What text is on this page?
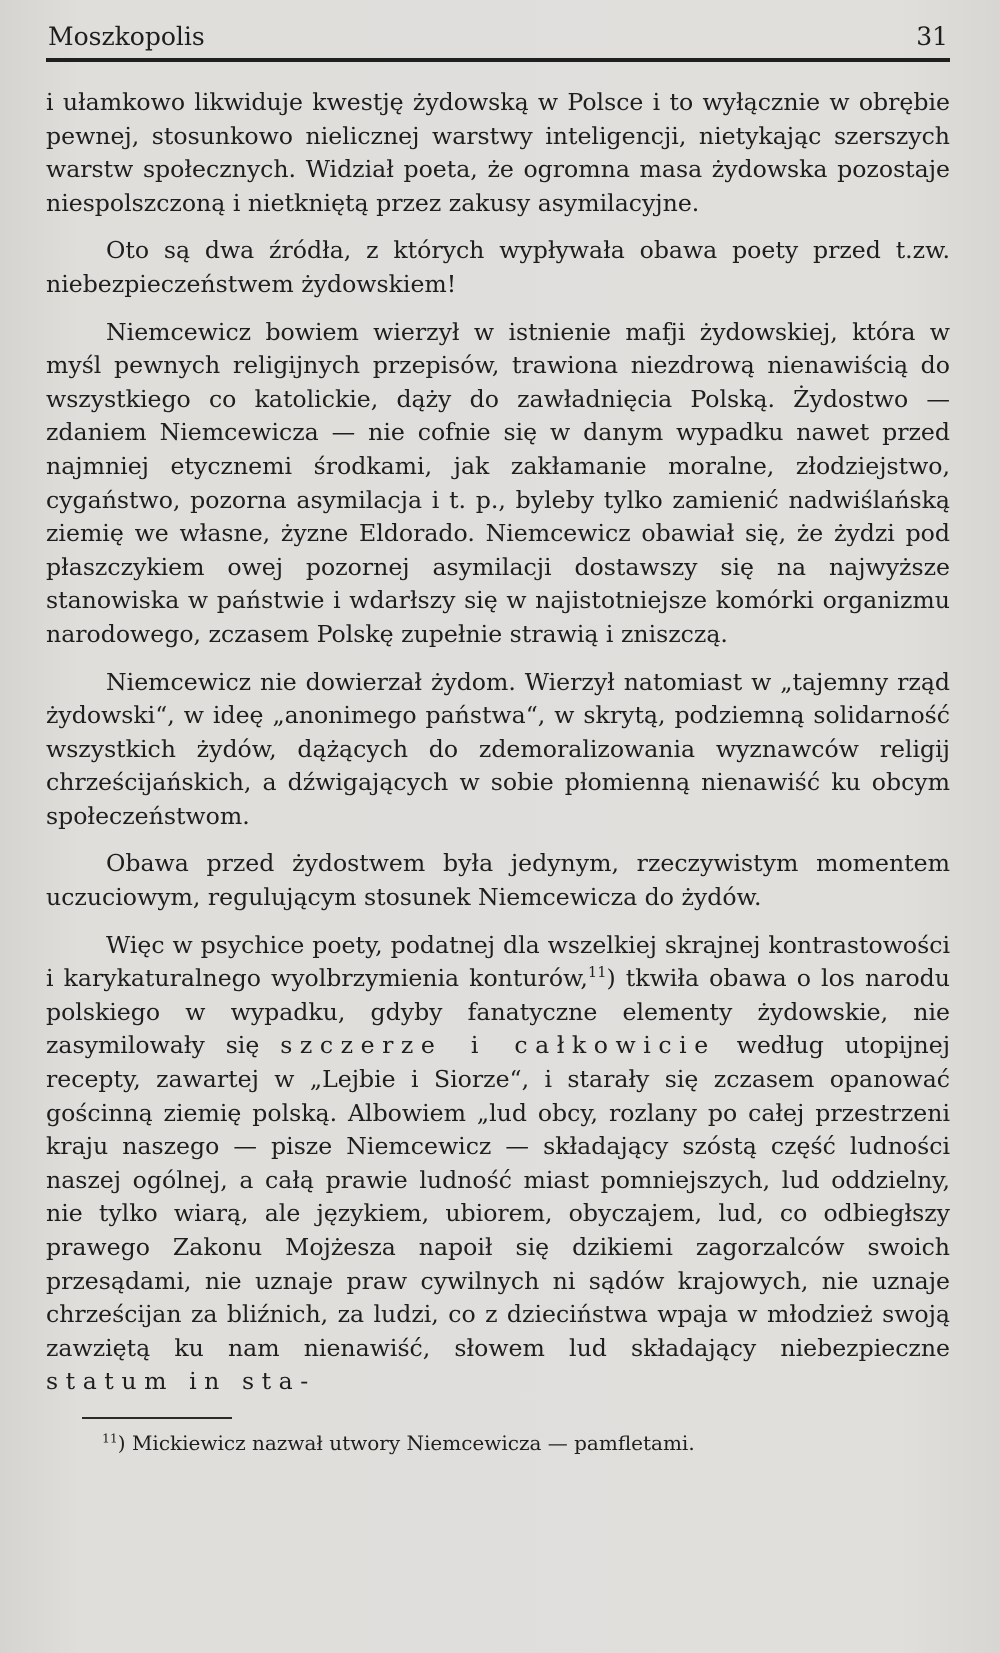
Moszkopolis	31

i ułamkowo likwiduje kwestję żydowską w Polsce i to wyłącznie w obrębie pewnej, stosunkowo nielicznej warstwy inteligencji, nietykając szerszych warstw społecznych. Widział poeta, że ogromna masa żydowska pozostaje niespolszczoną i nietkniętą przez zakusy asymilacyjne.

Oto są dwa źródła, z których wypływała obawa poety przed t.zw. niebezpieczeństwem żydowskiem!

Niemcewicz bowiem wierzył w istnienie mafji żydowskiej, która w myśl pewnych religijnych przepisów, trawiona niezdrową nienawiścią do wszystkiego co katolickie, dąży do zawładnięcia Polską. Żydostwo — zdaniem Niemcewicza — nie cofnie się w danym wypadku nawet przed najmniej etycznemi środkami, jak zakłamanie moralne, złodziejstwo, cygaństwo, pozorna asymilacja i t. p., byleby tylko zamienić nadwiślańską ziemię we własne, żyzne Eldorado. Niemcewicz obawiał się, że żydzi pod płaszczykiem owej pozornej asymilacji dostawszy się na najwyższe stanowiska w państwie i wdarłszy się w najistotniejsze komórki organizmu narodowego, zczasem Polskę zupełnie strawią i zniszczą.

Niemcewicz nie dowierzał żydom. Wierzył natomiast w „tajemny rząd żydowski“, w ideę „anonimego państwa“, w skrytą, podziemną solidarność wszystkich żydów, dążących do zdemoralizowania wyznawców religij chrześcijańskich, a dźwigających w sobie płomienną nienawiść ku obcym społeczeństwom.

Obawa przed żydostwem była jedynym, rzeczywistym momentem uczuciowym, regulującym stosunek Niemcewicza do żydów.

Więc w psychice poety, podatnej dla wszelkiej skrajnej kontrastowości i karykaturalnego wyolbrzymienia konturów,$^{11}$) tkwiła obawa o los narodu polskiego w wypadku, gdyby fanatyczne elementy żydowskie, nie zasymilowały się szczerze i całkowicie według utopijnej recepty, zawartej w „Lejbie i Siorze“, i starały się zczasem opanować gościnną ziemię polską. Albowiem „lud obcy, rozlany po całej przestrzeni kraju naszego — pisze Niemcewicz — składający szóstą część ludności naszej ogólnej, a całą prawie ludność miast pomniejszych, lud oddzielny, nie tylko wiarą, ale językiem, ubiorem, obyczajem, lud, co odbiegłszy prawego Zakonu Mojżesza napoił się dzikiemi zagorzalców swoich przesądami, nie uznaje praw cywilnych ni sądów krajowych, nie uznaje chrześcijan za bliźnich, za ludzi, co z dzieciństwa wpaja w młodzież swoją zawziętą ku nam nienawiść, słowem lud składający niebezpieczne statum in sta-

$^{11}$) Mickiewicz nazwał utwory Niemcewicza — pamfletami.
